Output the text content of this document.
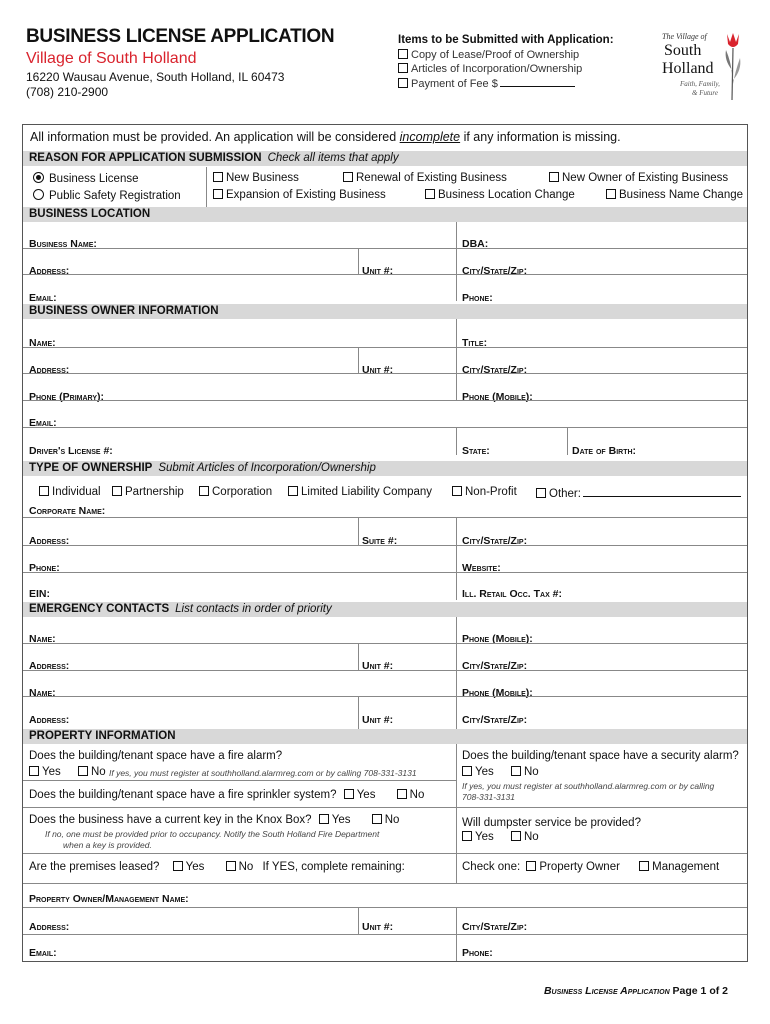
BUSINESS LICENSE APPLICATION
Village of South Holland
16220 Wausau Avenue, South Holland, IL 60473
(708) 210-2900
Items to be Submitted with Application:
Copy of Lease/Proof of Ownership
Articles of Incorporation/Ownership
Payment of Fee $
The Village of
South
Holland
Faith, Family,
& Future
All information must be provided. An application will be considered incomplete if any information is missing.
REASON FOR APPLICATION SUBMISSION Check all items that apply
Business License
Public Safety Registration
New Business	Renewal of Existing Business	New Owner of Existing Business
Expansion of Existing Business	Business Location Change	Business Name Change
BUSINESS LOCATION
Business Name:	DBA:
Address:	Unit #:	City/State/Zip:
Email:	Phone:
BUSINESS OWNER INFORMATION
Name:	Title:
Address:	Unit #:	City/State/Zip:
Phone (Primary):	Phone (Mobile):
Email:
Driver's License #:	State:	Date of Birth:
TYPE OF OWNERSHIP Submit Articles of Incorporation/Ownership
Individual	Partnership	Corporation	Limited Liability Company	Non-Profit	Other:
Corporate Name:
Address:	Suite #:	City/State/Zip:
Phone:	Website:
EIN:	Ill. Retail Occ. Tax #:
EMERGENCY CONTACTS List contacts in order of priority
Name:	Phone (Mobile):
Address:	Unit #:	City/State/Zip:
Name:	Phone (Mobile):
Address:	Unit #:	City/State/Zip:
PROPERTY INFORMATION
Does the building/tenant space have a fire alarm?
Yes	No If yes, you must register at southholland.alarmreg.com or by calling 708-331-3131
Does the building/tenant space have a security alarm?
Yes	No
If yes, you must register at southholland.alarmreg.com or by calling 708-331-3131
Does the building/tenant space have a fire sprinkler system? Yes	No
Does the business have a current key in the Knox Box? Yes	No
If no, one must be provided prior to occupancy. Notify the South Holland Fire Department
when a key is provided.
Will dumpster service be provided?
Yes	No
Are the premises leased? Yes	No If YES, complete remaining:	Check one: Property Owner	Management
Property Owner/Management Name:
Address:	Unit #:	City/State/Zip:
Email:	Phone:
Business License Application Page 1 of 2
